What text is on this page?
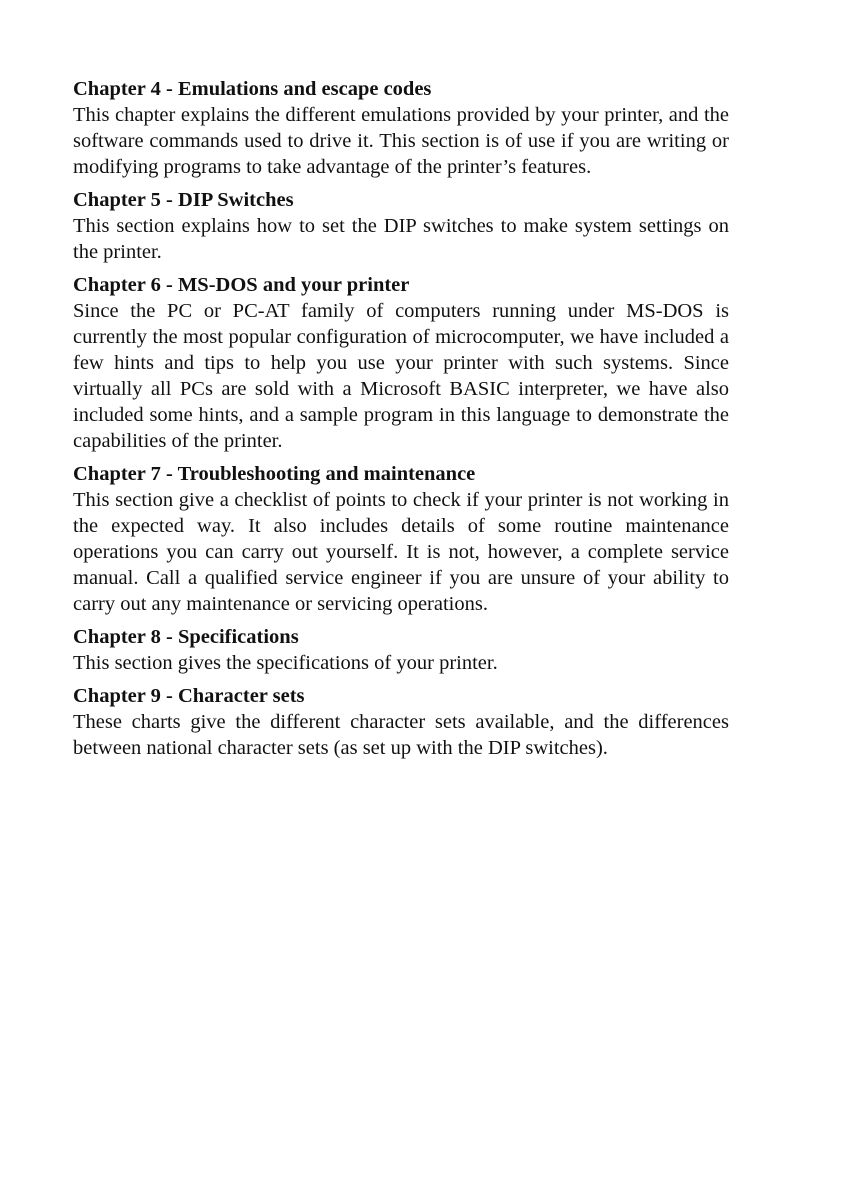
Chapter 4 - Emulations and escape codes

This chapter explains the different emulations provided by your printer, and the software commands used to drive it. This section is of use if you are writing or modifying programs to take advantage of the printer’s features.

Chapter 5 - DIP Switches

This section explains how to set the DIP switches to make system settings on the printer.

Chapter 6 - MS-DOS and your printer

Since the PC or PC-AT family of computers running under MS-DOS is currently the most popular configuration of microcomputer, we have included a few hints and tips to help you use your printer with such systems. Since virtually all PCs are sold with a Microsoft BASIC interpreter, we have also included some hints, and a sample program in this language to demonstrate the capabilities of the printer.

Chapter 7 - Troubleshooting and maintenance

This section give a checklist of points to check if your printer is not working in the expected way. It also includes details of some routine maintenance operations you can carry out yourself. It is not, however, a complete service manual. Call a qualified service engineer if you are unsure of your ability to carry out any maintenance or servicing operations.

Chapter 8 - Specifications

This section gives the specifications of your printer.

Chapter 9 - Character sets

These charts give the different character sets available, and the differences between national character sets (as set up with the DIP switches).
